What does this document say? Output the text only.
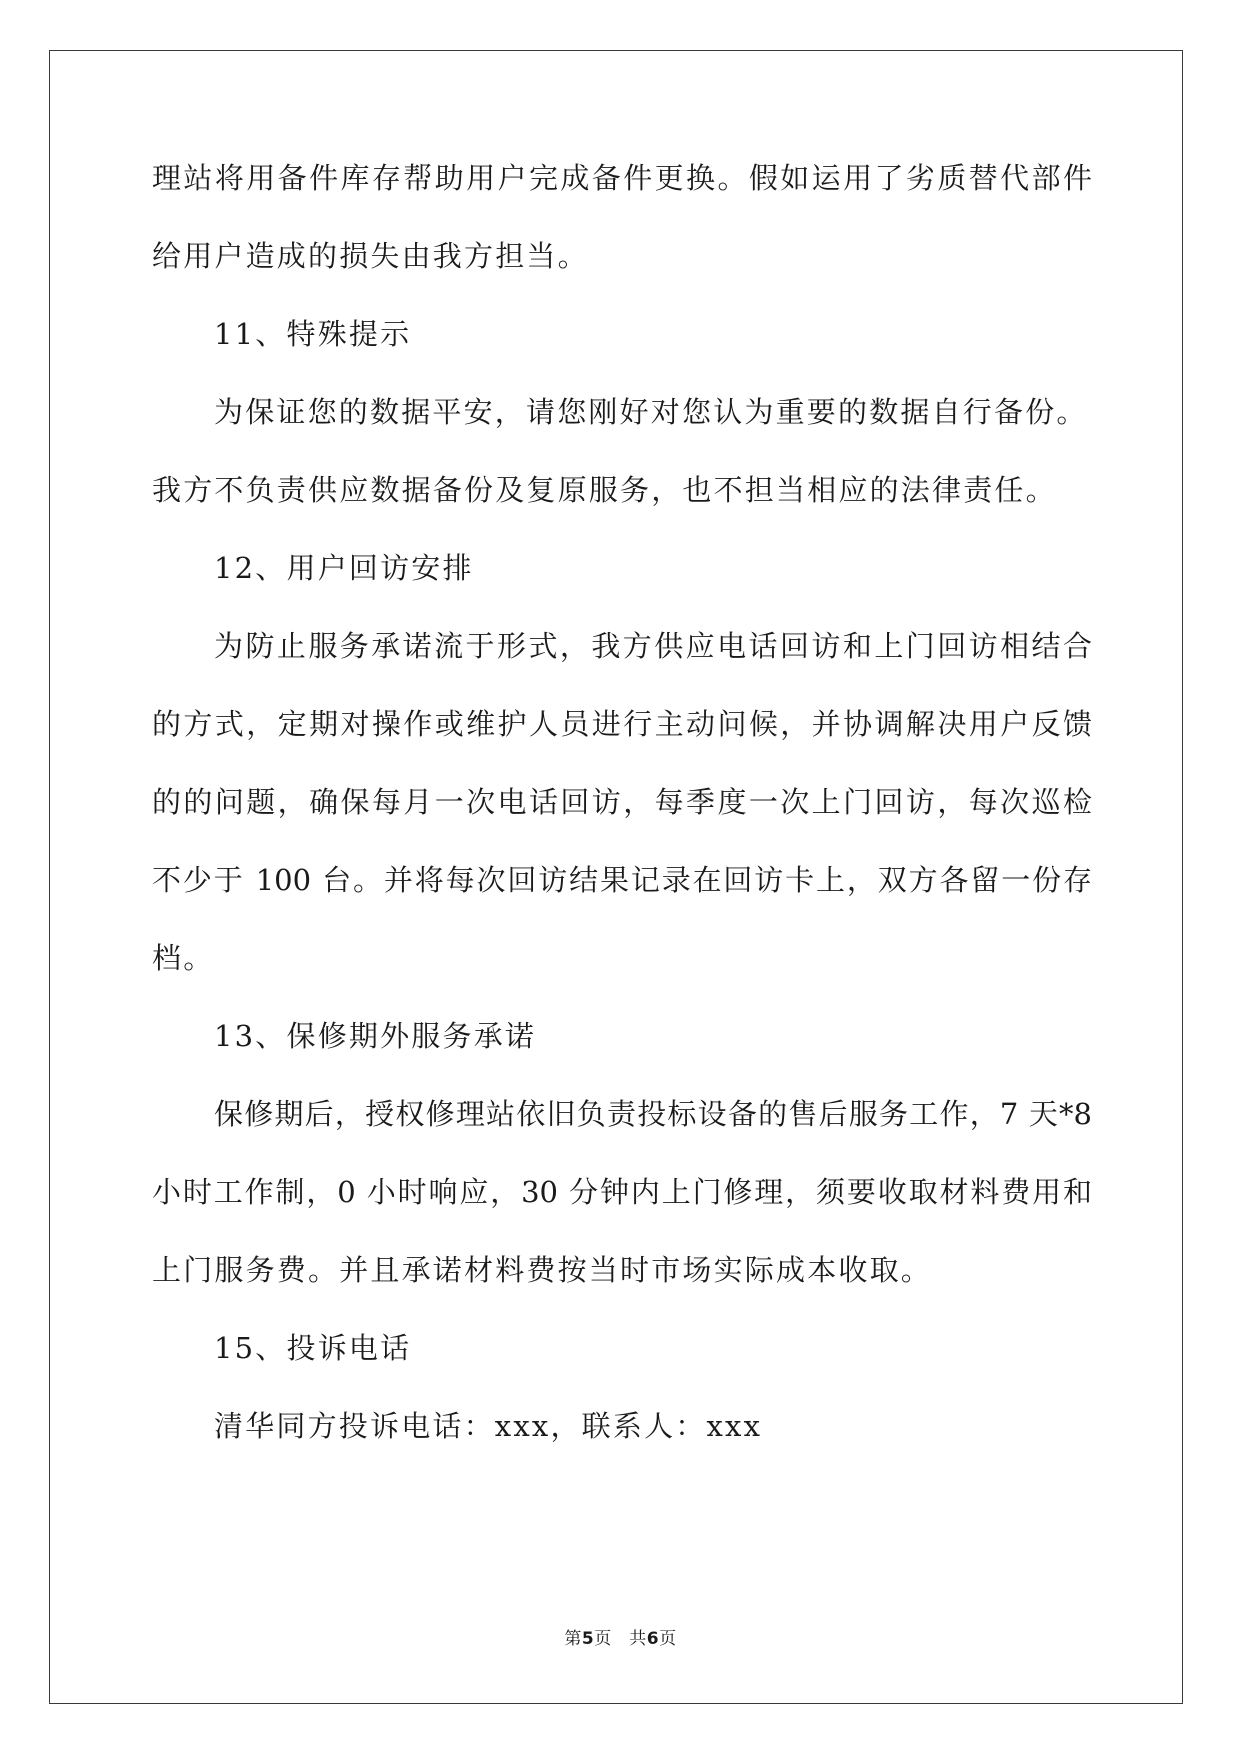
理站将用备件库存帮助用户完成备件更换。假如运用了劣质替代部件
给用户造成的损失由我方担当。
11、特殊提示
为保证您的数据平安，请您刚好对您认为重要的数据自行备份。
我方不负责供应数据备份及复原服务，也不担当相应的法律责任。
12、用户回访安排
为防止服务承诺流于形式，我方供应电话回访和上门回访相结合
的方式，定期对操作或维护人员进行主动问候，并协调解决用户反馈
的的问题，确保每月一次电话回访，每季度一次上门回访，每次巡检
不少于 100 台。并将每次回访结果记录在回访卡上，双方各留一份存
档。
13、保修期外服务承诺
保修期后，授权修理站依旧负责投标设备的售后服务工作，7 天*8
小时工作制，0 小时响应，30 分钟内上门修理，须要收取材料费用和
上门服务费。并且承诺材料费按当时市场实际成本收取。
15、投诉电话
清华同方投诉电话：xxx，联系人：xxx
第5页　共6页
